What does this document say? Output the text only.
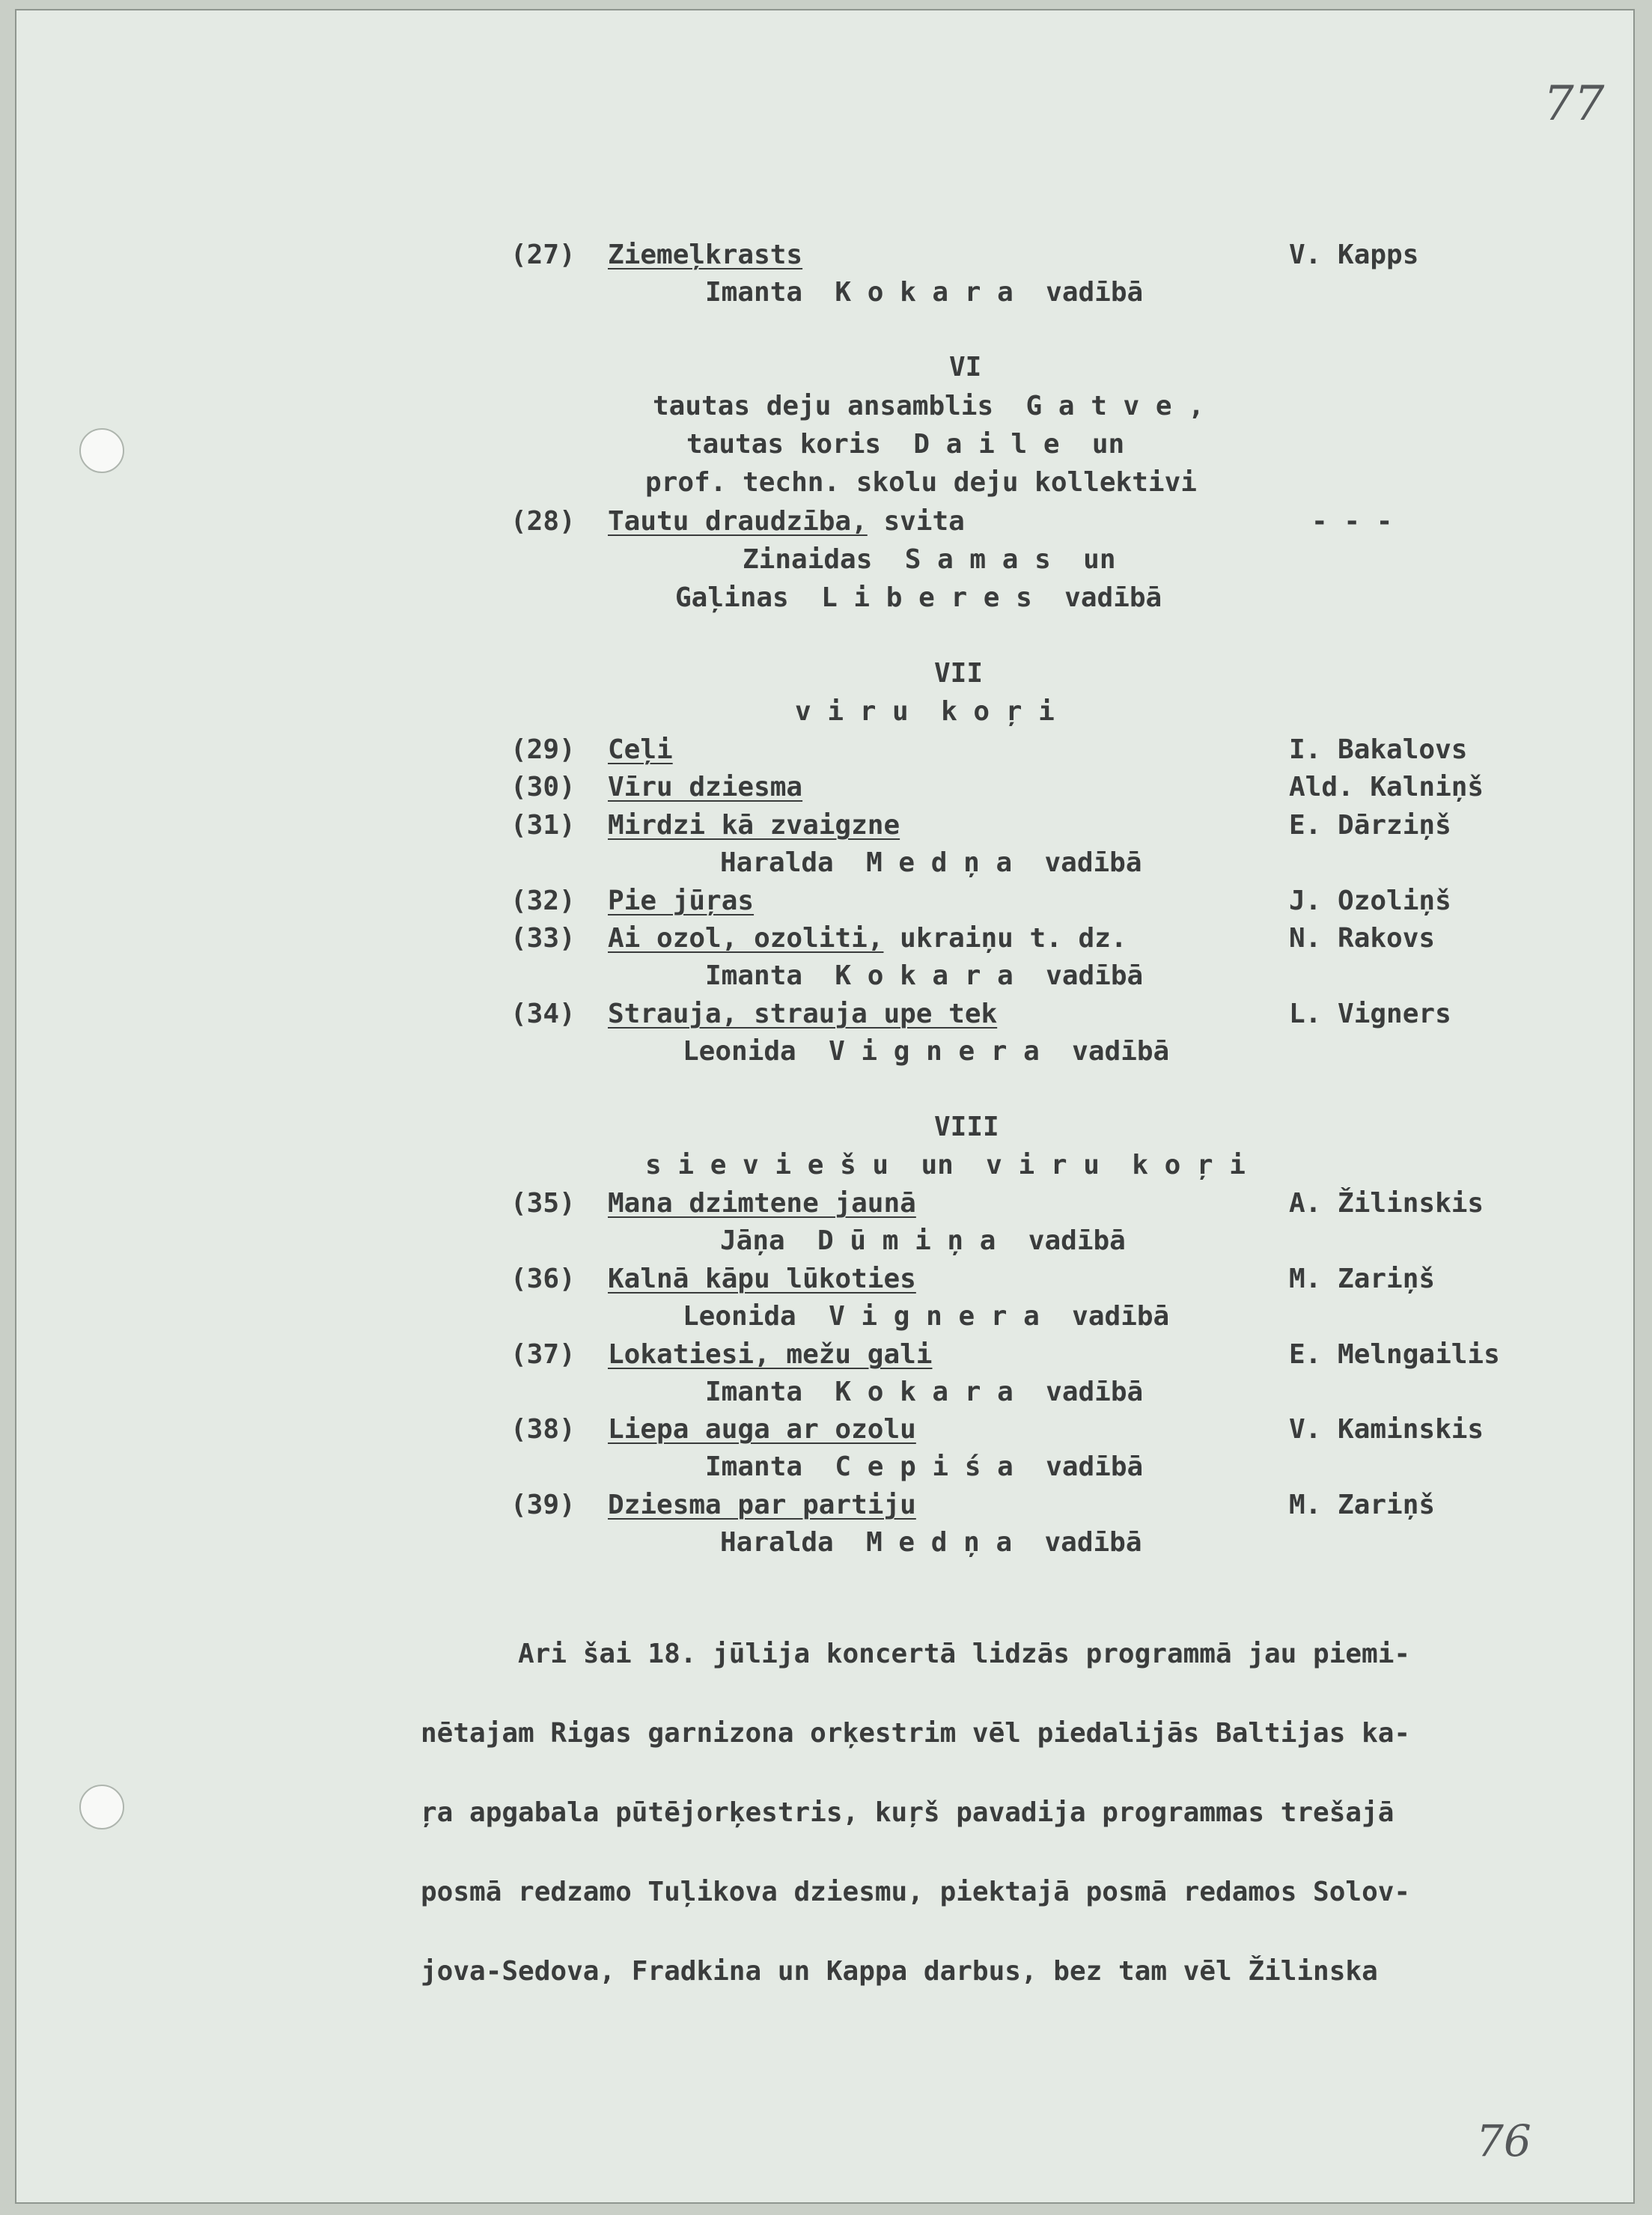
77
76
(27) Ziemeļkrasts	V. Kapps
Imanta  K o k a r a  vadībā
VI
tautas deju ansamblis  G a t v e ,
tautas koris  D a i l e  un
prof. techn. skolu deju kollektivi
(28) Tautu draudzība, svita	- - -
Zinaidas  S a m a s  un
Gaļinas  L i b e r e s  vadībā
VII
v i r u  k o ŗ i
(29) Ceļi	I. Bakalovs
(30) Vīru dziesma	Ald. Kalniņš
(31) Mirdzi kā zvaigzne	E. Dārziņš
Haralda  M e d ņ a  vadībā
(32) Pie jūŗas	J. Ozoliņš
(33) Ai ozol, ozoliti, ukraiņu t. dz.	N. Rakovs
Imanta  K o k a r a  vadībā
(34) Strauja, strauja upe tek	L. Vigners
Leonida  V i g n e r a  vadībā
VIII
s i e v i e š u  un  v i r u  k o ŗ i
(35) Mana dzimtene jaunā	A. Žilinskis
Jāņa  D ū m i ņ a  vadībā
(36) Kalnā kāpu lūkoties	M. Zariņš
Leonida  V i g n e r a  vadībā
(37) Lokatiesi, mežu gali	E. Melngailis
Imanta  K o k a r a  vadībā
(38) Liepa auga ar ozolu	V. Kaminskis
Imanta  C e p i ś a  vadībā
(39) Dziesma par partiju	M. Zariņš
Haralda  M e d ņ a  vadībā
Ari šai 18. jūlija koncertā lidzās programmā jau piemi-
nētajam Rigas garnizona orķestrim vēl piedalijās Baltijas ka-
ŗa apgabala pūtējorķestris, kuŗš pavadija programmas trešajā
posmā redzamo Tuļikova dziesmu, piektajā posmā redamos Solov-
jova-Sedova, Fradkina un Kappa darbus, bez tam vēl Žilinska
